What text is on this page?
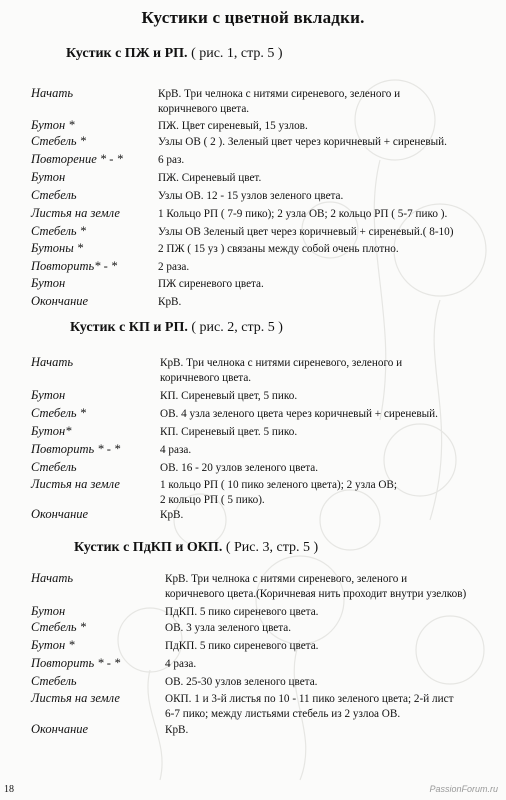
Кустики с цветной вкладки.
Кустик с ПЖ и РП. ( рис. 1, стр. 5 )
Начать	КрВ. Три челнока с нитями сиреневого, зеленого и
коричневого цвета.
Бутон *	ПЖ. Цвет сиреневый, 15 узлов.
Стебель *	Узлы ОВ ( 2 ). Зеленый цвет через коричневый + сиреневый.
Повторение * - *	6 раз.
Бутон	ПЖ. Сиреневый цвет.
Стебель	Узлы ОВ. 12 - 15 узлов зеленого цвета.
Листья на земле	1 Кольцо РП ( 7-9 пико); 2 узла ОВ; 2 кольцо РП ( 5-7 пико ).
Стебель *	Узлы ОВ Зеленый цвет через коричневый + сиреневый.( 8-10)
Бутоны *	2 ПЖ ( 15 уз ) связаны между собой очень плотно.
Повторить* - *	2 раза.
Бутон	ПЖ сиреневого цвета.
Окончание	КрВ.
Кустик с КП и РП. ( рис. 2, стр. 5 )
Начать	КрВ. Три челнока с нитями сиреневого, зеленого и
коричневого цвета.
Бутон	КП. Сиреневый цвет, 5 пико.
Стебель *	ОВ. 4 узла зеленого цвета через коричневый + сиреневый.
Бутон*	КП. Сиреневый цвет. 5 пико.
Повторить * - *	4 раза.
Стебель	ОВ. 16 - 20 узлов зеленого цвета.
Листья на земле	1 кольцо РП ( 10 пико зеленого цвета); 2 узла ОВ;
2 кольцо РП ( 5 пико).
Окончание	КрВ.
Кустик с ПдКП и ОКП. ( Рис. 3, стр. 5 )
Начать	КрВ. Три челнока с нитями сиреневого, зеленого и
коричневого цвета.(Коричневая нить проходит внутри узелков)
Бутон	ПдКП. 5 пико сиреневого цвета.
Стебель *	ОВ. 3 узла зеленого цвета.
Бутон *	ПдКП. 5 пико сиреневого цвета.
Повторить * - *	4 раза.
Стебель	ОВ. 25-30 узлов зеленого цвета.
Листья на земле	ОКП. 1 и 3-й листья по 10 - 11 пико зеленого цвета; 2-й лист
6-7 пико; между листьями стебель из 2 узлоа ОВ.
Окончание	КрВ.
18	PassionForum.ru
